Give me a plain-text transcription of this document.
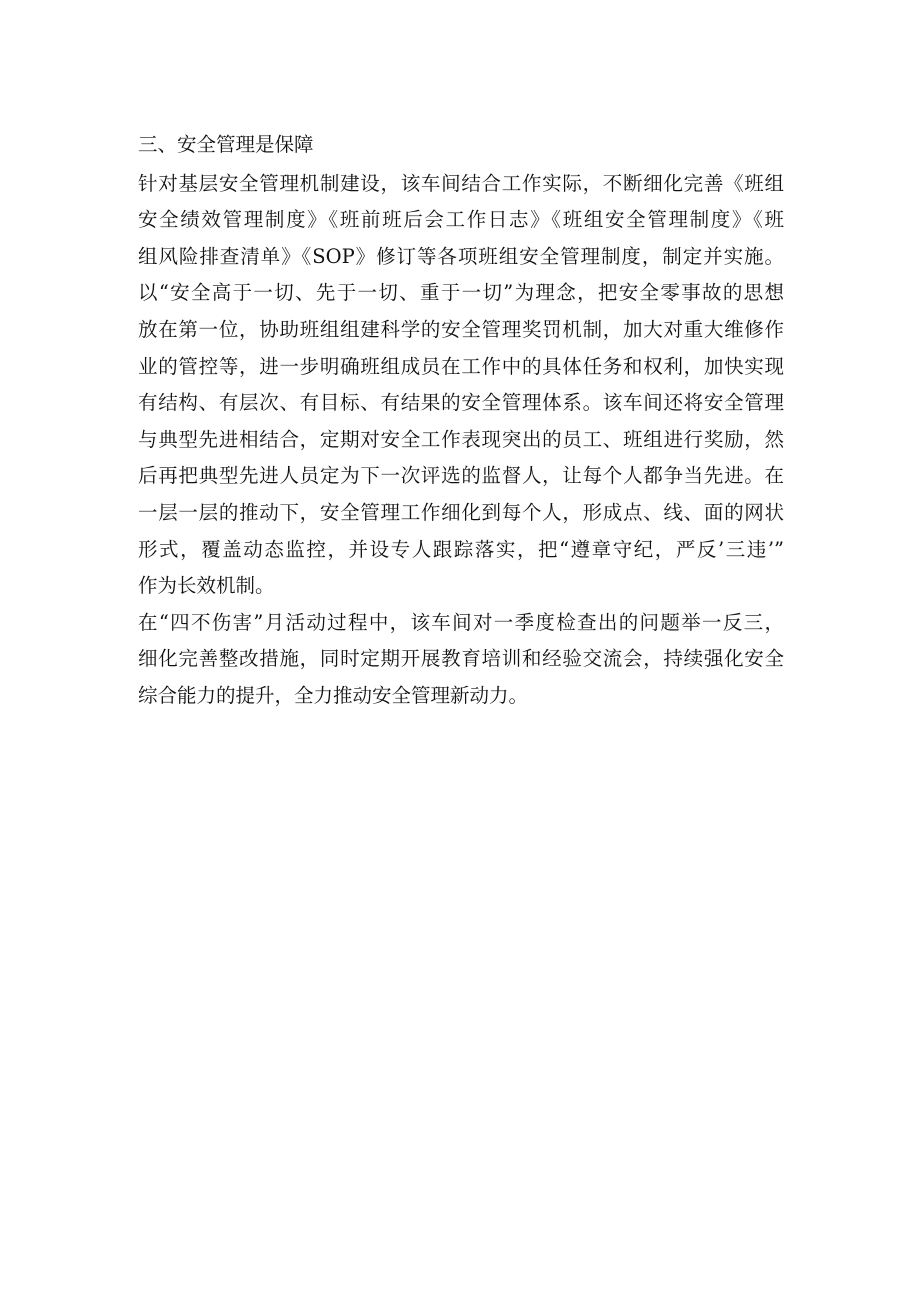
三、安全管理是保障

针对基层安全管理机制建设，该车间结合工作实际，不断细化完善《班组
安全绩效管理制度》《班前班后会工作日志》《班组安全管理制度》《班
组风险排查清单》《SOP》修订等各项班组安全管理制度，制定并实施。
以“安全高于一切、先于一切、重于一切”为理念，把安全零事故的思想
放在第一位，协助班组组建科学的安全管理奖罚机制，加大对重大维修作
业的管控等，进一步明确班组成员在工作中的具体任务和权利，加快实现
有结构、有层次、有目标、有结果的安全管理体系。该车间还将安全管理
与典型先进相结合，定期对安全工作表现突出的员工、班组进行奖励，然
后再把典型先进人员定为下一次评选的监督人，让每个人都争当先进。在
一层一层的推动下，安全管理工作细化到每个人，形成点、线、面的网状
形式，覆盖动态监控，并设专人跟踪落实，把“遵章守纪，严反’三违’”
作为长效机制。

在“四不伤害”月活动过程中，该车间对一季度检查出的问题举一反三，
细化完善整改措施，同时定期开展教育培训和经验交流会，持续强化安全
综合能力的提升，全力推动安全管理新动力。
